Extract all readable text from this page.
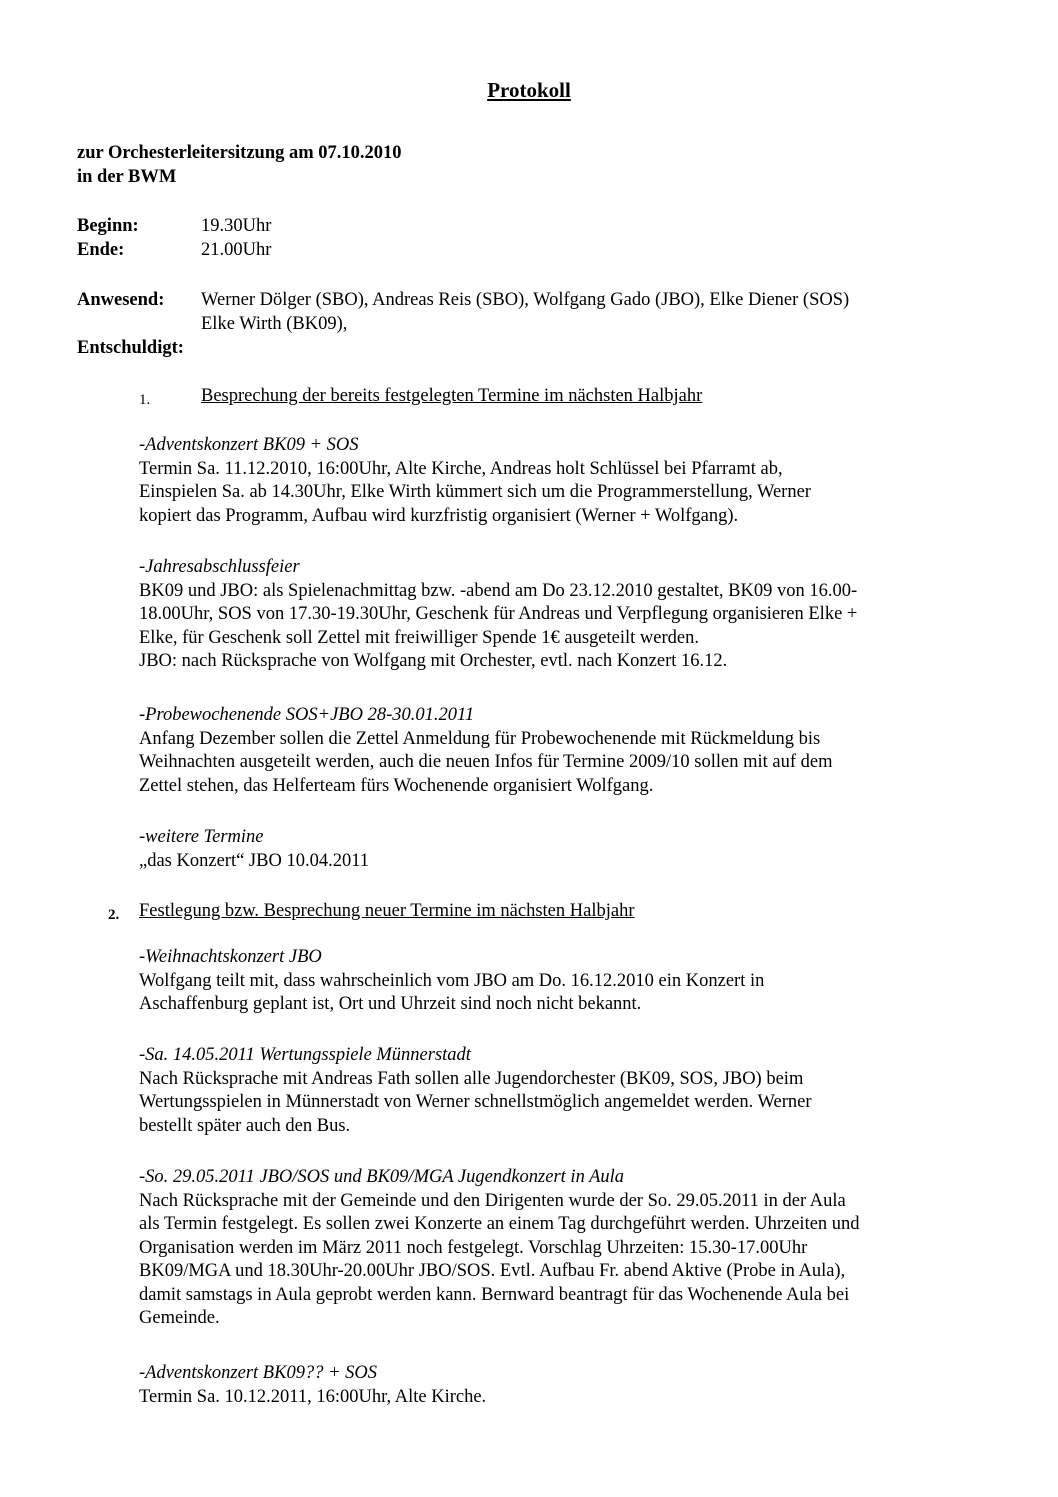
Protokoll
zur Orchesterleitersitzung am 07.10.2010
in der BWM
Beginn:	19.30Uhr
Ende:	21.00Uhr
Anwesend: Werner Dölger (SBO), Andreas Reis (SBO), Wolfgang Gado (JBO), Elke Diener (SOS)
Elke Wirth (BK09),
Entschuldigt:
1.	Besprechung der bereits festgelegten Termine im nächsten Halbjahr
-Adventskonzert BK09 + SOS
Termin Sa. 11.12.2010, 16:00Uhr, Alte Kirche, Andreas holt Schlüssel bei Pfarramt ab,
Einspielen Sa. ab 14.30Uhr, Elke Wirth kümmert sich um die Programmerstellung, Werner
kopiert das Programm, Aufbau wird kurzfristig organisiert (Werner + Wolfgang).
-Jahresabschlussfeier
BK09 und JBO: als Spielenachmittag bzw. -abend am Do 23.12.2010 gestaltet, BK09 von 16.00-
18.00Uhr, SOS von 17.30-19.30Uhr, Geschenk für Andreas und Verpflegung organisieren Elke +
Elke, für Geschenk soll Zettel mit freiwilliger Spende 1€ ausgeteilt werden.
JBO: nach Rücksprache von Wolfgang mit Orchester, evtl. nach Konzert 16.12.
-Probewochenende SOS+JBO 28-30.01.2011
Anfang Dezember sollen die Zettel Anmeldung für Probewochenende mit Rückmeldung bis
Weihnachten ausgeteilt werden, auch die neuen Infos für Termine 2009/10 sollen mit auf dem
Zettel stehen, das Helferteam fürs Wochenende organisiert Wolfgang.
-weitere Termine
„das Konzert“ JBO 10.04.2011
2. Festlegung bzw. Besprechung neuer Termine im nächsten Halbjahr
-Weihnachtskonzert JBO
Wolfgang teilt mit, dass wahrscheinlich vom JBO am Do. 16.12.2010 ein Konzert in
Aschaffenburg geplant ist, Ort und Uhrzeit sind noch nicht bekannt.
-Sa. 14.05.2011 Wertungsspiele Münnerstadt
Nach Rücksprache mit Andreas Fath sollen alle Jugendorchester (BK09, SOS, JBO) beim
Wertungsspielen in Münnerstadt von Werner schnellstmöglich angemeldet werden. Werner
bestellt später auch den Bus.
-So. 29.05.2011 JBO/SOS und BK09/MGA Jugendkonzert in Aula
Nach Rücksprache mit der Gemeinde und den Dirigenten wurde der So. 29.05.2011 in der Aula
als Termin festgelegt. Es sollen zwei Konzerte an einem Tag durchgeführt werden. Uhrzeiten und
Organisation werden im März 2011 noch festgelegt. Vorschlag Uhrzeiten: 15.30-17.00Uhr
BK09/MGA und 18.30Uhr-20.00Uhr JBO/SOS. Evtl. Aufbau Fr. abend Aktive (Probe in Aula),
damit samstags in Aula geprobt werden kann. Bernward beantragt für das Wochenende Aula bei
Gemeinde.
-Adventskonzert BK09?? + SOS
Termin Sa. 10.12.2011, 16:00Uhr, Alte Kirche.
